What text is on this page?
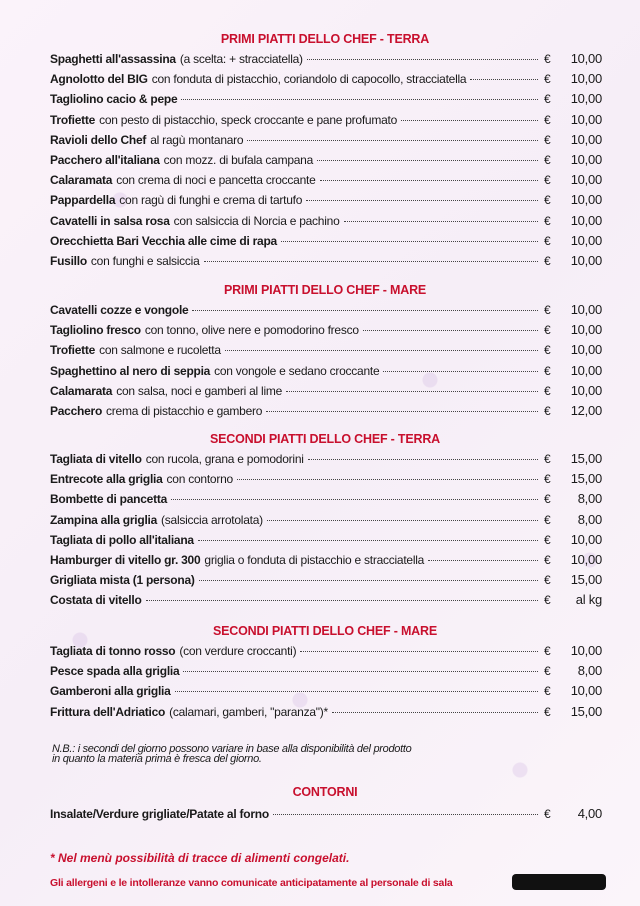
PRIMI PIATTI DELLO CHEF - TERRA
Spaghetti all'assassina (a scelta: + stracciatella)	€	10,00
Agnolotto del BIG con fonduta di pistacchio, coriandolo di capocollo, stracciatella	€	10,00
Tagliolino cacio & pepe	€	10,00
Trofiette con pesto di pistacchio, speck croccante e pane profumato	€	10,00
Ravioli dello Chef al ragù montanaro	€	10,00
Pacchero all'italiana con mozz. di bufala campana	€	10,00
Calaramata con crema di noci e pancetta croccante	€	10,00
Pappardella con ragù di funghi e crema di tartufo	€	10,00
Cavatelli in salsa rosa con salsiccia di Norcia e pachino	€	10,00
Orecchietta Bari Vecchia alle cime di rapa	€	10,00
Fusillo con funghi e salsiccia	€	10,00
PRIMI PIATTI DELLO CHEF - MARE
Cavatelli cozze e vongole	€	10,00
Tagliolino fresco con tonno, olive nere e pomodorino fresco	€	10,00
Trofiette con salmone e rucoletta	€	10,00
Spaghettino al nero di seppia con vongole e sedano croccante	€	10,00
Calamarata con salsa, noci e gamberi al lime	€	10,00
Pacchero crema di pistacchio e gambero	€	12,00
SECONDI PIATTI DELLO CHEF - TERRA
Tagliata di vitello con rucola, grana e pomodorini	€	15,00
Entrecote alla griglia con contorno	€	15,00
Bombette di pancetta	€	8,00
Zampina alla griglia (salsiccia arrotolata)	€	8,00
Tagliata di pollo all'italiana	€	10,00
Hamburger di vitello gr. 300 griglia o fonduta di pistacchio e stracciatella	€	10,00
Grigliata mista (1 persona)	€	15,00
Costata di vitello	€	al kg
SECONDI PIATTI DELLO CHEF - MARE
Tagliata di tonno rosso (con verdure croccanti)	€	10,00
Pesce spada alla griglia	€	8,00
Gamberoni alla griglia	€	10,00
Frittura dell'Adriatico (calamari, gamberi, "paranza")*	€	15,00
CONTORNI
Insalate/Verdure grigliate/Patate al forno	€	4,00
N.B.: i secondi del giorno possono variare in base alla disponibilità del prodotto
in quanto la materia prima è fresca del giorno.
* Nel menù possibilità di tracce di alimenti congelati.
Gli allergeni e le intolleranze vanno comunicate anticipatamente al personale di sala
